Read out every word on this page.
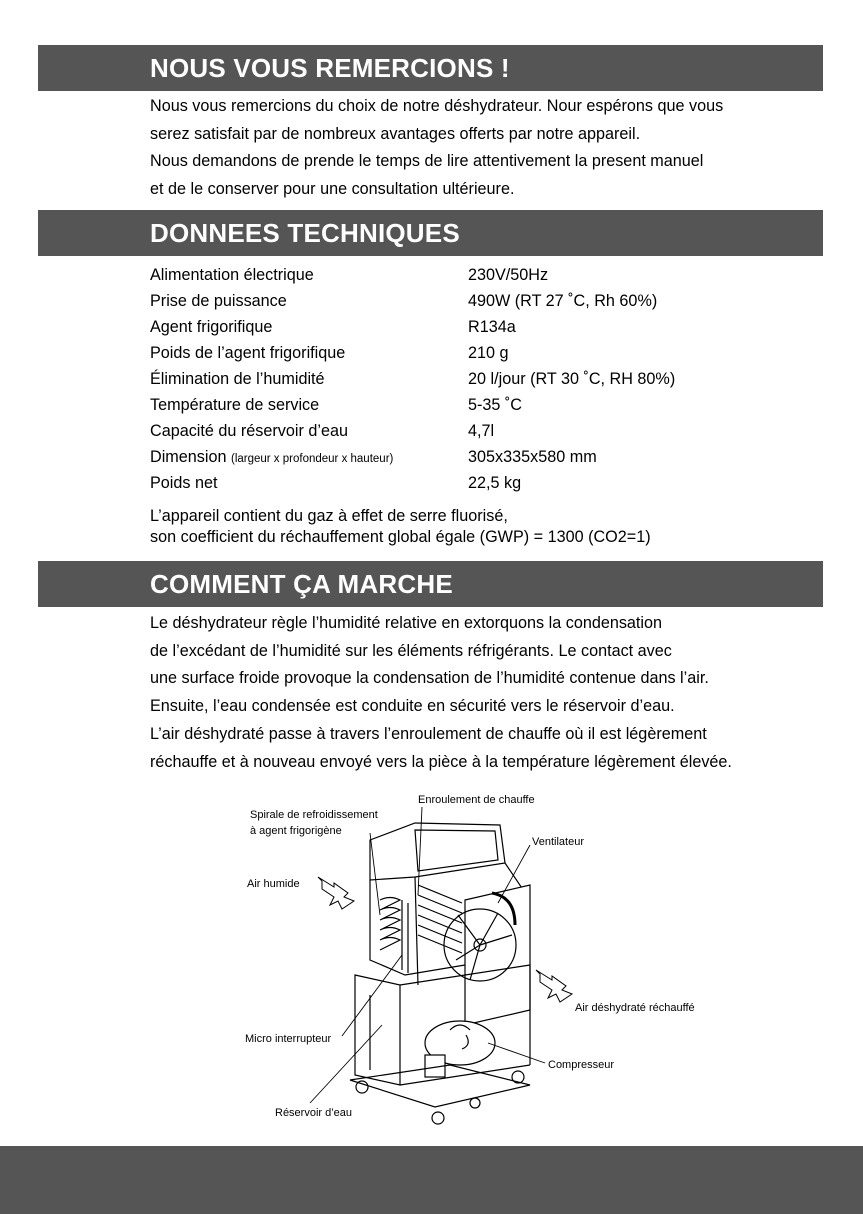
NOUS VOUS REMERCIONS !

Nous vous remercions du choix de notre déshydrateur. Nour espérons que vous

serez satisfait par de nombreux avantages offerts par notre appareil.

Nous demandons de prende le temps de lire attentivement la present manuel

et de le conserver pour une consultation ultérieure.

DONNEES TECHNIQUES
Alimentation électrique	230V/50Hz
Prise de puissance	490W (RT 27 ˚C, Rh 60%)
Agent frigorifique	R134a
Poids de l’agent frigorifique	210 g
Élimination de l’humidité	20 l/jour (RT 30 ˚C, RH 80%)
Température de service	5-35 ˚C
Capacité du réservoir d’eau	4,7l
Dimension (largeur x profondeur x hauteur)	305x335x580 mm
Poids net	22,5 kg

L’appareil contient du gaz à effet de serre fluorisé,

son coefficient du réchauffement global égale (GWP) = 1300 (CO2=1)

COMMENT ÇA MARCHE

Le déshydrateur règle l’humidité relative en extorquons la condensation

de l’excédant de l’humidité sur les éléments réfrigérants. Le contact avec

une surface froide provoque la condensation de l’humidité contenue dans l’air.

Ensuite, l’eau condensée est conduite en sécurité vers le réservoir d’eau.

L’air déshydraté passe à travers l’enroulement de chauffe où il est légèrement

réchauffe et à nouveau envoyé vers la pièce à la température légèrement élevée.

Enroulement de chauffe
Spirale de refroidissement
à agent frigorigène
Ventilateur
Air humide
Air déshydraté réchauffé
Micro interrupteur
Compresseur
Réservoir d’eau
